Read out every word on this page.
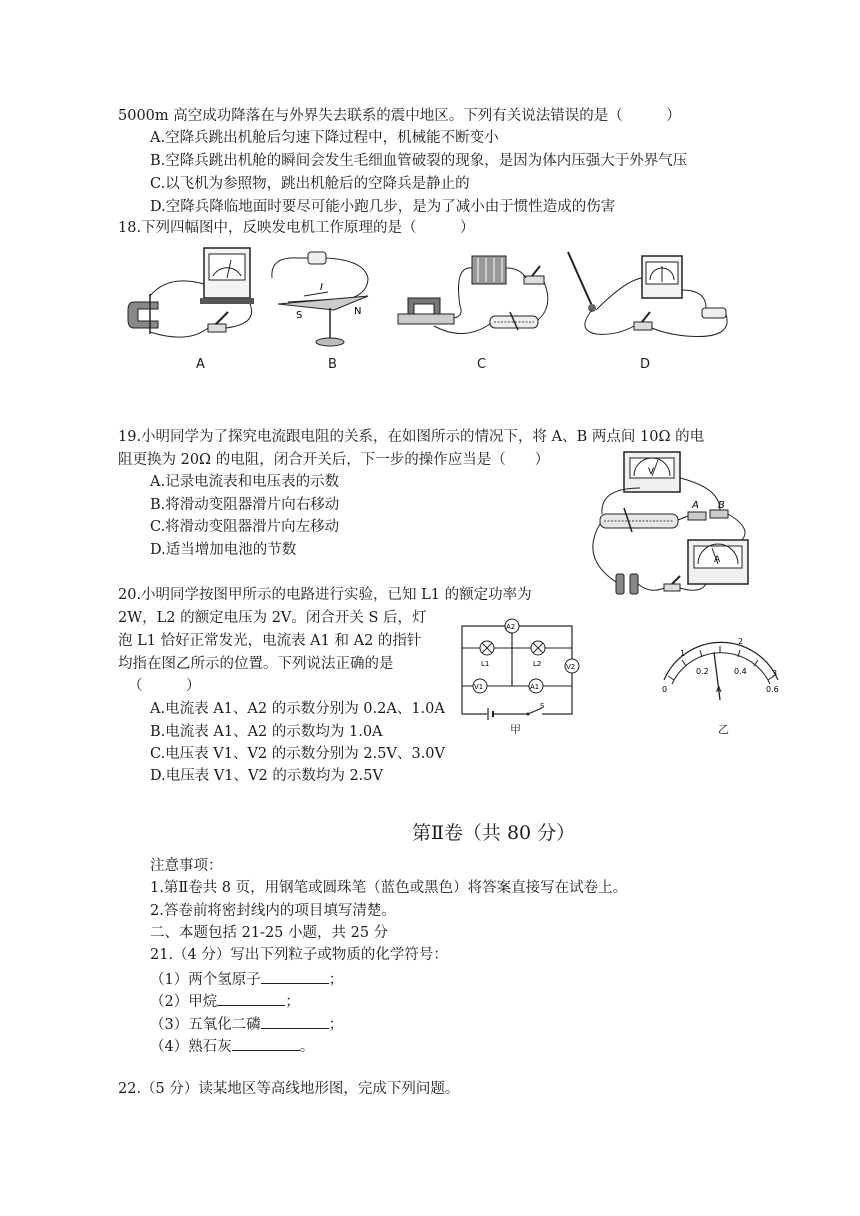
5000m 高空成功降落在与外界失去联系的震中地区。下列有关说法错误的是（　　　）
A.空降兵跳出机舱后匀速下降过程中，机械能不断变小
B.空降兵跳出机舱的瞬间会发生毛细血管破裂的现象，是因为体内压强大于外界气压
C.以飞机为参照物，跳出机舱后的空降兵是静止的
D.空降兵降临地面时要尽可能小跑几步，是为了减小由于惯性造成的伤害
18.下列四幅图中，反映发电机工作原理的是（　　　）
A
S
I
N
B	C	D
19.小明同学为了探究电流跟电阻的关系，在如图所示的情况下，将 A、B 两点间 10Ω 的电
阻更换为 20Ω 的电阻，闭合开关后，下一步的操作应当是（　　）
A.记录电流表和电压表的示数
B.将滑动变阻器滑片向右移动
C.将滑动变阻器滑片向左移动
D.适当增加电池的节数
V
A B
A
20.小明同学按图甲所示的电路进行实验，已知 L1 的额定功率为
2W，L2 的额定电压为 2V。闭合开关 S 后，灯
泡 L1 恰好正常发光，电流表 A1 和 A2 的指针
均指在图乙所示的位置。下列说法正确的是
（　　　）
A.电流表 A1、A2 的示数分别为 0.2A、1.0A
B.电流表 A1、A2 的示数均为 1.0A
C.电压表 V1、V2 的示数分别为 2.5V、3.0V
D.电压表 V1、V2 的示数均为 2.5V
A2
L1	L2
V1	A1
V2
S
甲
0
0.2	0.4
0.6
1
2
3
A
乙
第Ⅱ卷（共 80 分）
注意事项：
1.第Ⅱ卷共 8 页，用钢笔或圆珠笔（蓝色或黑色）将答案直接写在试卷上。
2.答卷前将密封线内的项目填写清楚。
二、本题包括 21-25 小题，共 25 分
21.（4 分）写出下列粒子或物质的化学符号：
（1）两个氢原子	；
（2）甲烷	；
（3）五氧化二磷	；
（4）熟石灰	。
22.（5 分）读某地区等高线地形图，完成下列问题。
